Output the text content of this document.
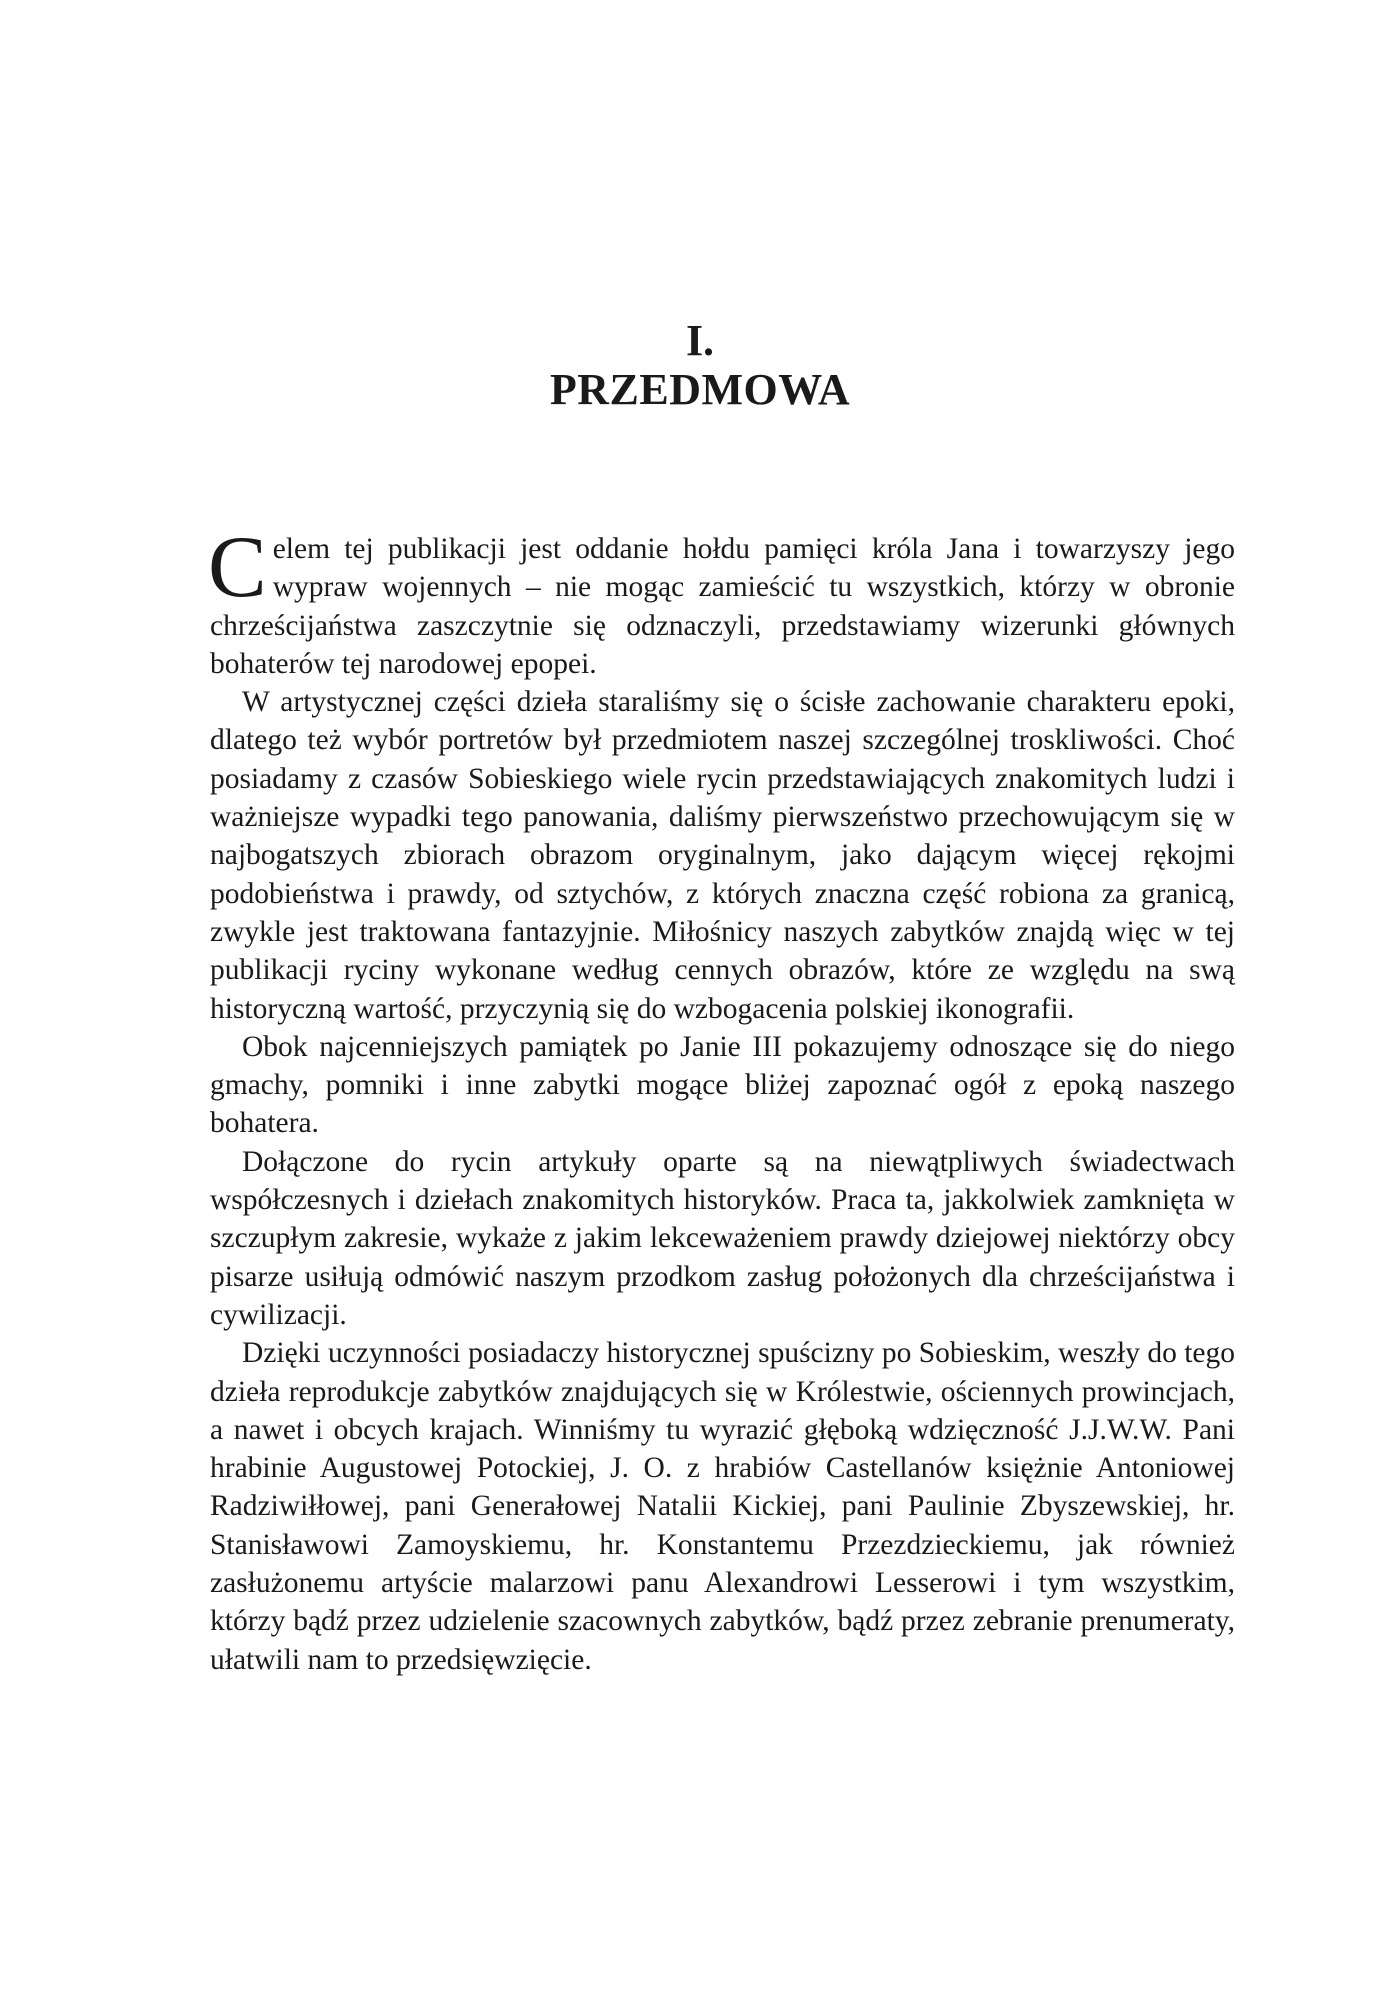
I.
PRZEDMOWA

Celem tej publikacji jest oddanie hołdu pamięci króla Jana i towarzyszy jego wypraw wojennych – nie mogąc zamieścić tu wszystkich, którzy w obronie chrześcijaństwa zaszczytnie się odznaczyli, przedstawiamy wizerunki głównych bohaterów tej narodowej epopei.

W artystycznej części dzieła staraliśmy się o ścisłe zachowanie charakteru epoki, dlatego też wybór portretów był przedmiotem naszej szczególnej troskliwości. Choć posiadamy z czasów Sobieskiego wiele rycin przedstawiających znakomitych ludzi i ważniejsze wypadki tego panowania, daliśmy pierwszeństwo przechowującym się w najbogatszych zbiorach obrazom oryginalnym, jako dającym więcej rękojmi podobieństwa i prawdy, od sztychów, z których znaczna część robiona za granicą, zwykle jest traktowana fantazyjnie. Miłośnicy naszych zabytków znajdą więc w tej publikacji ryciny wykonane według cennych obrazów, które ze względu na swą historyczną wartość, przyczynią się do wzbogacenia polskiej ikonografii.

Obok najcenniejszych pamiątek po Janie III pokazujemy odnoszące się do niego gmachy, pomniki i inne zabytki mogące bliżej zapoznać ogół z epoką naszego bohatera.

Dołączone do rycin artykuły oparte są na niewątpliwych świadectwach współczesnych i dziełach znakomitych historyków. Praca ta, jakkolwiek zamknięta w szczupłym zakresie, wykaże z jakim lekceważeniem prawdy dziejowej niektórzy obcy pisarze usiłują odmówić naszym przodkom zasług położonych dla chrześcijaństwa i cywilizacji.

Dzięki uczynności posiadaczy historycznej spuścizny po Sobieskim, weszły do tego dzieła reprodukcje zabytków znajdujących się w Królestwie, ościennych prowincjach, a nawet i obcych krajach. Winniśmy tu wyrazić głęboką wdzięczność J.J.W.W. Pani hrabinie Augustowej Potockiej, J. O. z hrabiów Castellanów księżnie Antoniowej Radziwiłłowej, pani Generałowej Natalii Kickiej, pani Paulinie Zbyszewskiej, hr. Stanisławowi Zamoyskiemu, hr. Konstantemu Przezdzieckiemu, jak również zasłużonemu artyście malarzowi panu Alexandrowi Lesserowi i tym wszystkim, którzy bądź przez udzielenie szacownych zabytków, bądź przez zebranie prenumeraty, ułatwili nam to przedsięwzięcie.
